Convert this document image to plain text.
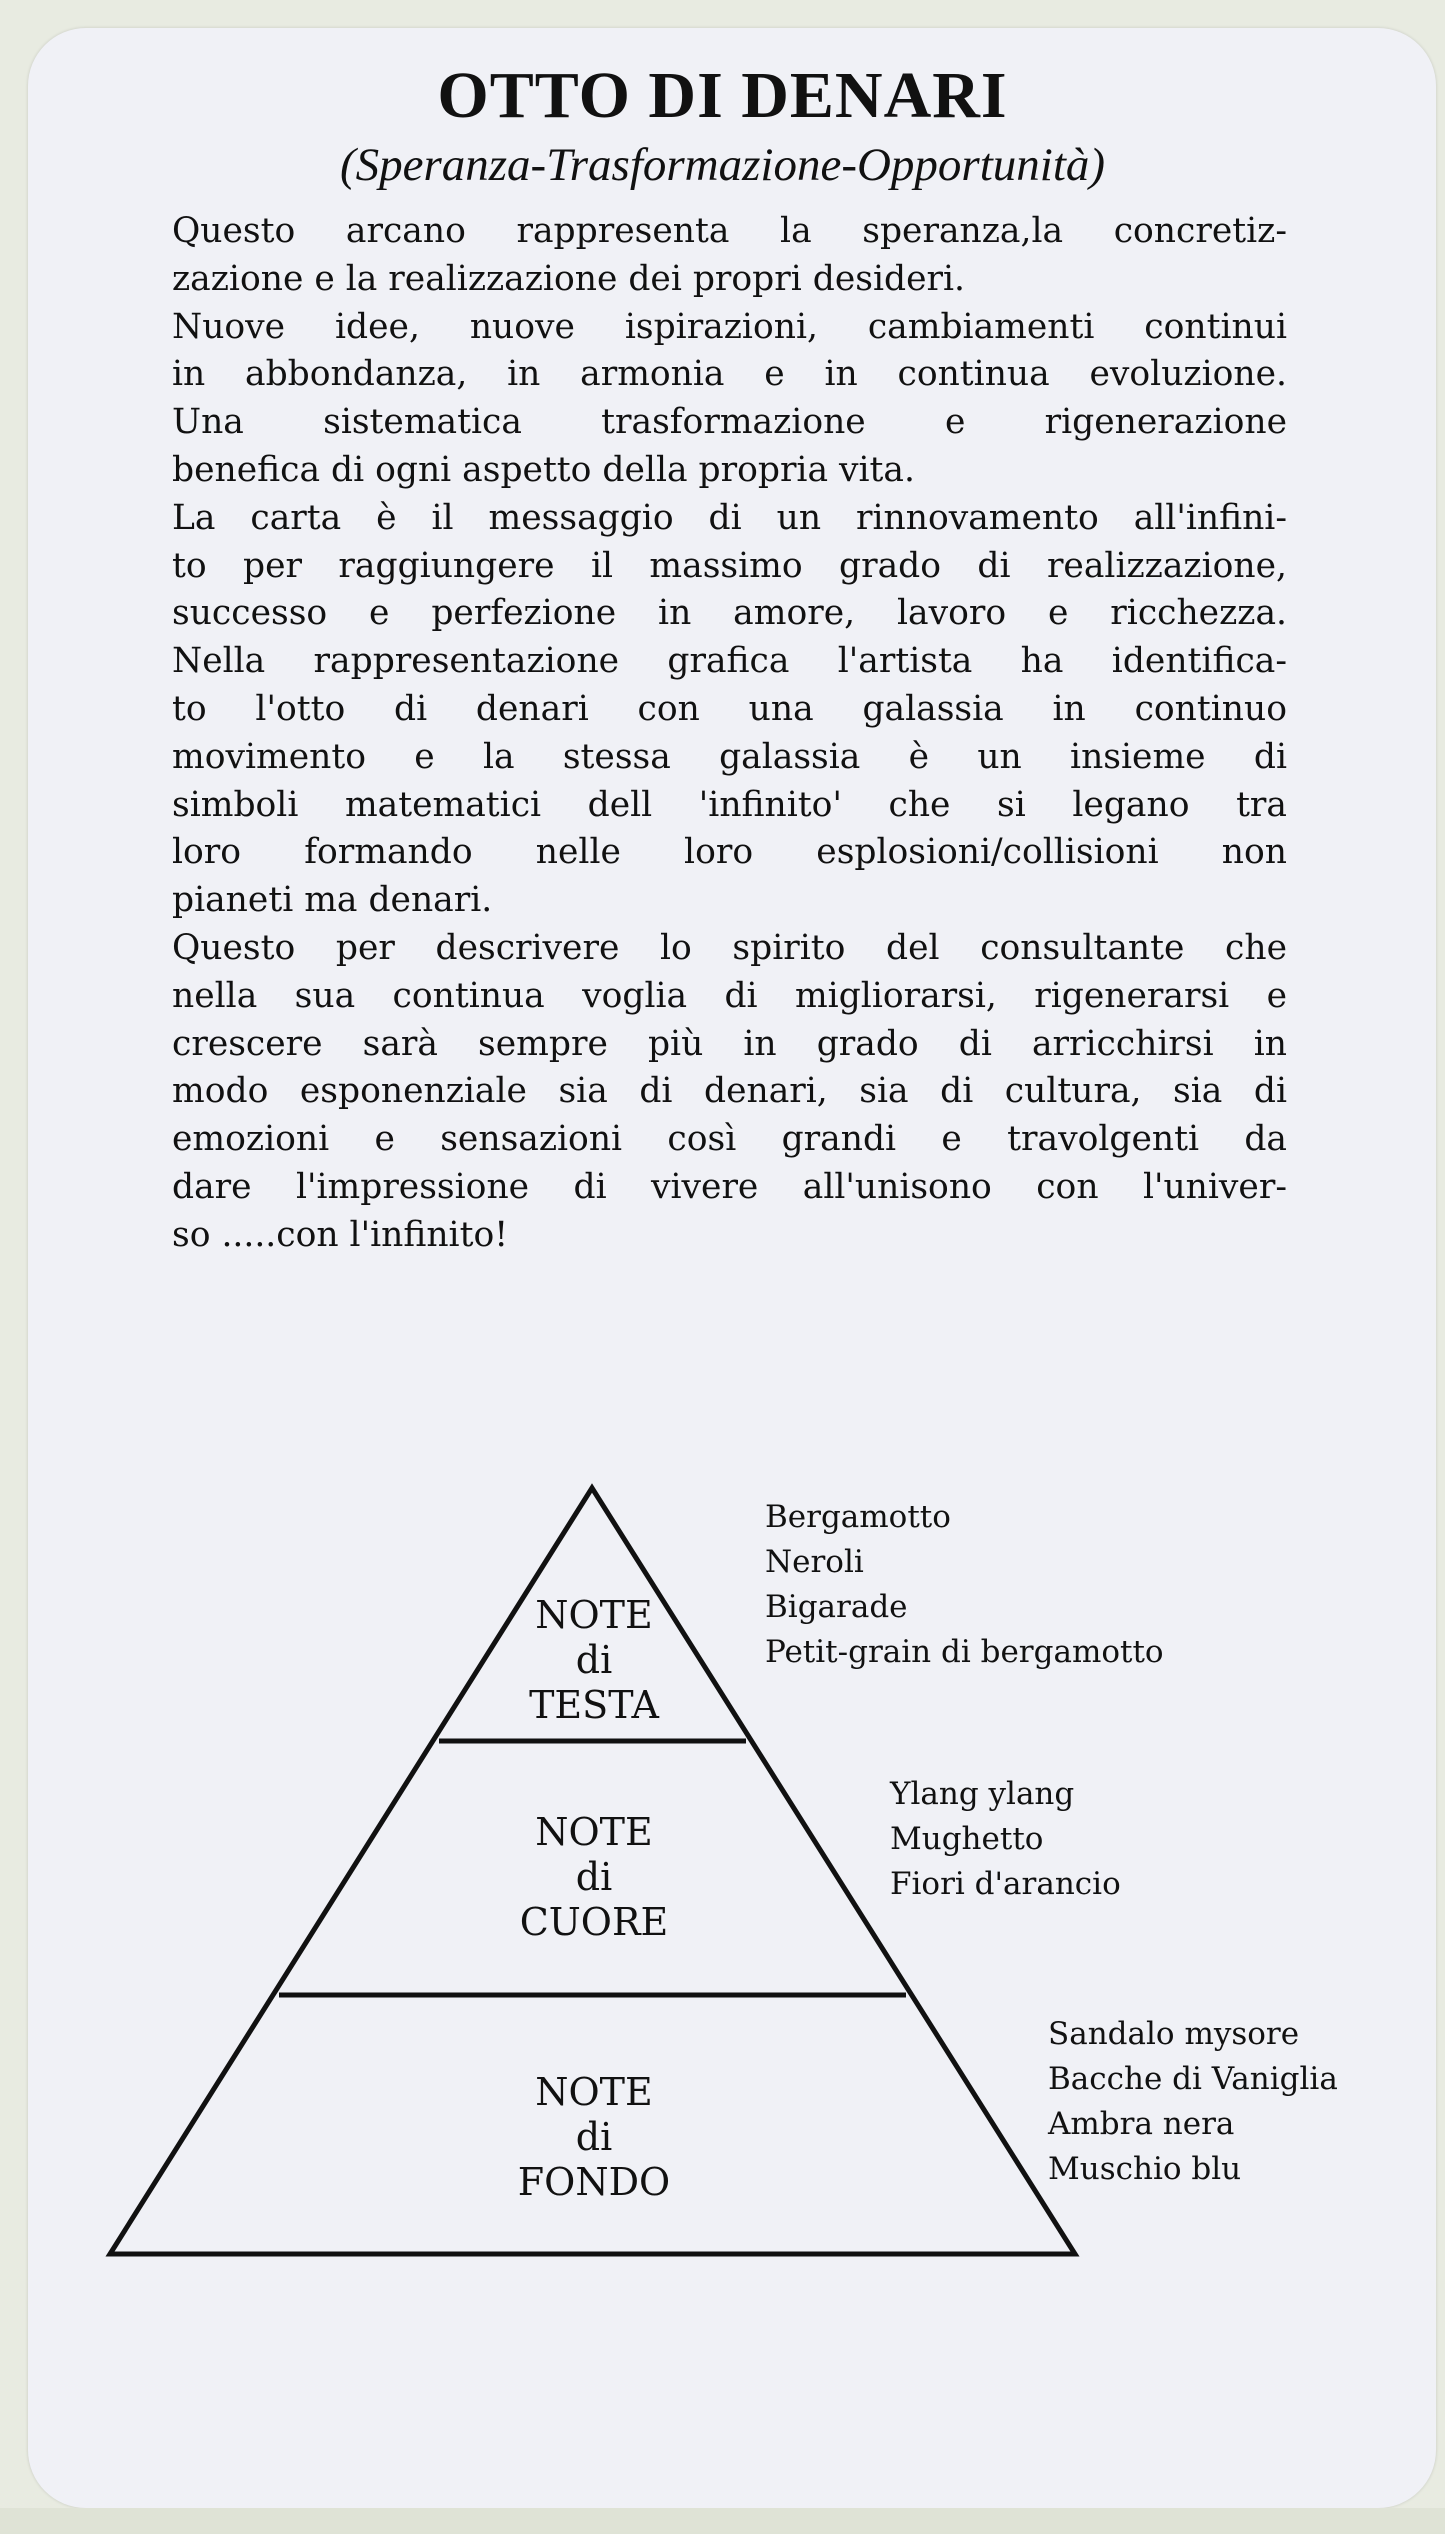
OTTO DI DENARI
(Speranza-Trasformazione-Opportunità)
Questo arcano rappresenta la speranza,la concretiz-
zazione e la realizzazione dei propri desideri.
Nuove idee, nuove ispirazioni, cambiamenti continui
in abbondanza, in armonia e in continua evoluzione.
Una sistematica trasformazione e rigenerazione
benefica di ogni aspetto della propria vita.
La carta è il messaggio di un rinnovamento all'infini-
to per raggiungere il massimo grado di realizzazione,
successo e perfezione in amore, lavoro e ricchezza.
Nella rappresentazione grafica l'artista ha identifica-
to l'otto di denari con una galassia in continuo
movimento e la stessa galassia è un insieme di
simboli matematici dell 'infinito' che si legano tra
loro formando nelle loro esplosioni/collisioni non
pianeti ma denari.
Questo per descrivere lo spirito del consultante che
nella sua continua voglia di migliorarsi, rigenerarsi e
crescere sarà sempre più in grado di arricchirsi in
modo esponenziale sia di denari, sia di cultura, sia di
emozioni e sensazioni così grandi e travolgenti da
dare l'impressione di vivere all'unisono con l'univer-
so .....con l'infinito!
NOTE
di
TESTA
Bergamotto
Neroli
Bigarade
Petit-grain di bergamotto
NOTE
di
CUORE
Ylang ylang
Mughetto
Fiori d'arancio
NOTE
di
FONDO
Sandalo mysore
Bacche di Vaniglia
Ambra nera
Muschio blu
